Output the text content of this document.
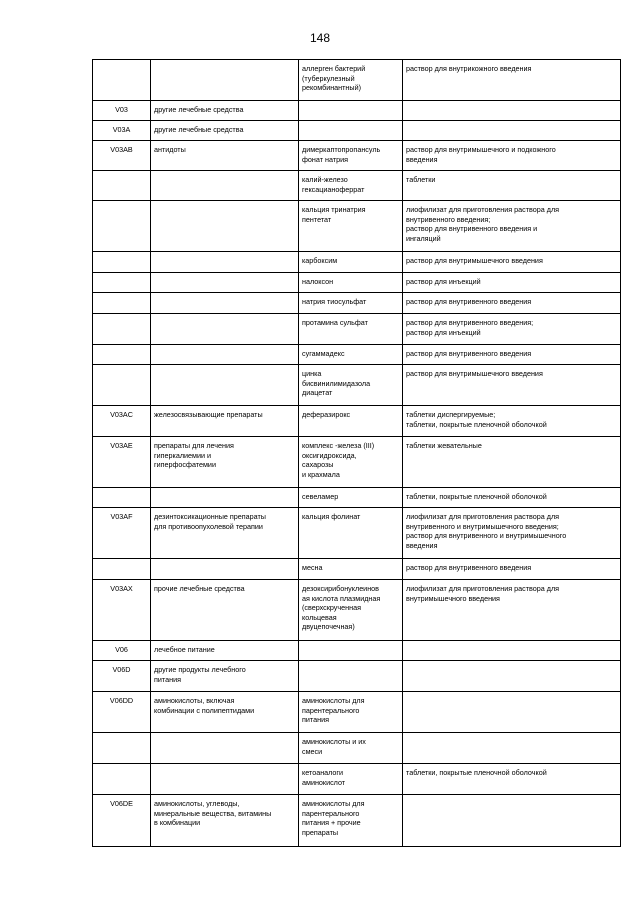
148
		аллерген бактерий
(туберкулезный
рекомбинантный)	раствор для внутрикожного введения
V03	другие лечебные средства		
V03A	другие лечебные средства		
V03AB	антидоты	димеркаптопропансуль
фонат натрия	раствор для внутримышечного и подкожного
введения
		калий-железо
гексацианоферрат	таблетки
		кальция тринатрия
пентетат	лиофилизат для приготовления раствора для
внутривенного введения;
раствор для внутривенного введения и
ингаляций
		карбоксим	раствор для внутримышечного введения
		налоксон	раствор для инъекций
		натрия тиосульфат	раствор для внутривенного введения
		протамина сульфат	раствор для внутривенного введения;
раствор для инъекций
		сугаммадекс	раствор для внутривенного введения
		цинка
бисвинилимидазола
диацетат	раствор для внутримышечного введения
V03AC	железосвязывающие препараты	деферазирокс	таблетки диспергируемые;
таблетки, покрытые пленочной оболочкой
V03AE	препараты для лечения
гиперкалиемии и
гиперфосфатемии	комплекс -железа (III)
оксигидроксида,
сахарозы
и крахмала	таблетки жевательные
		севеламер	таблетки, покрытые пленочной оболочкой
V03AF	дезинтоксикационные препараты
для противоопухолевой терапии	кальция фолинат	лиофилизат для приготовления раствора для
внутривенного и внутримышечного введения;
раствор для внутривенного и внутримышечного
введения
		месна	раствор для внутривенного введения
V03AX	прочие лечебные средства	дезоксирибонуклеинов
ая кислота плазмидная
(сверхскрученная
кольцевая
двуцепочечная)	лиофилизат для приготовления раствора для
внутримышечного введения
V06	лечебное питание		
V06D	другие продукты лечебного
питания		
V06DD	аминокислоты, включая
комбинации с полипептидами	аминокислоты для
парентерального
питания	
		аминокислоты и их
смеси	
		кетоаналоги
аминокислот	таблетки, покрытые пленочной оболочкой
V06DE	аминокислоты, углеводы,
минеральные вещества, витамины
в комбинации	аминокислоты для
парентерального
питания + прочие
препараты	
